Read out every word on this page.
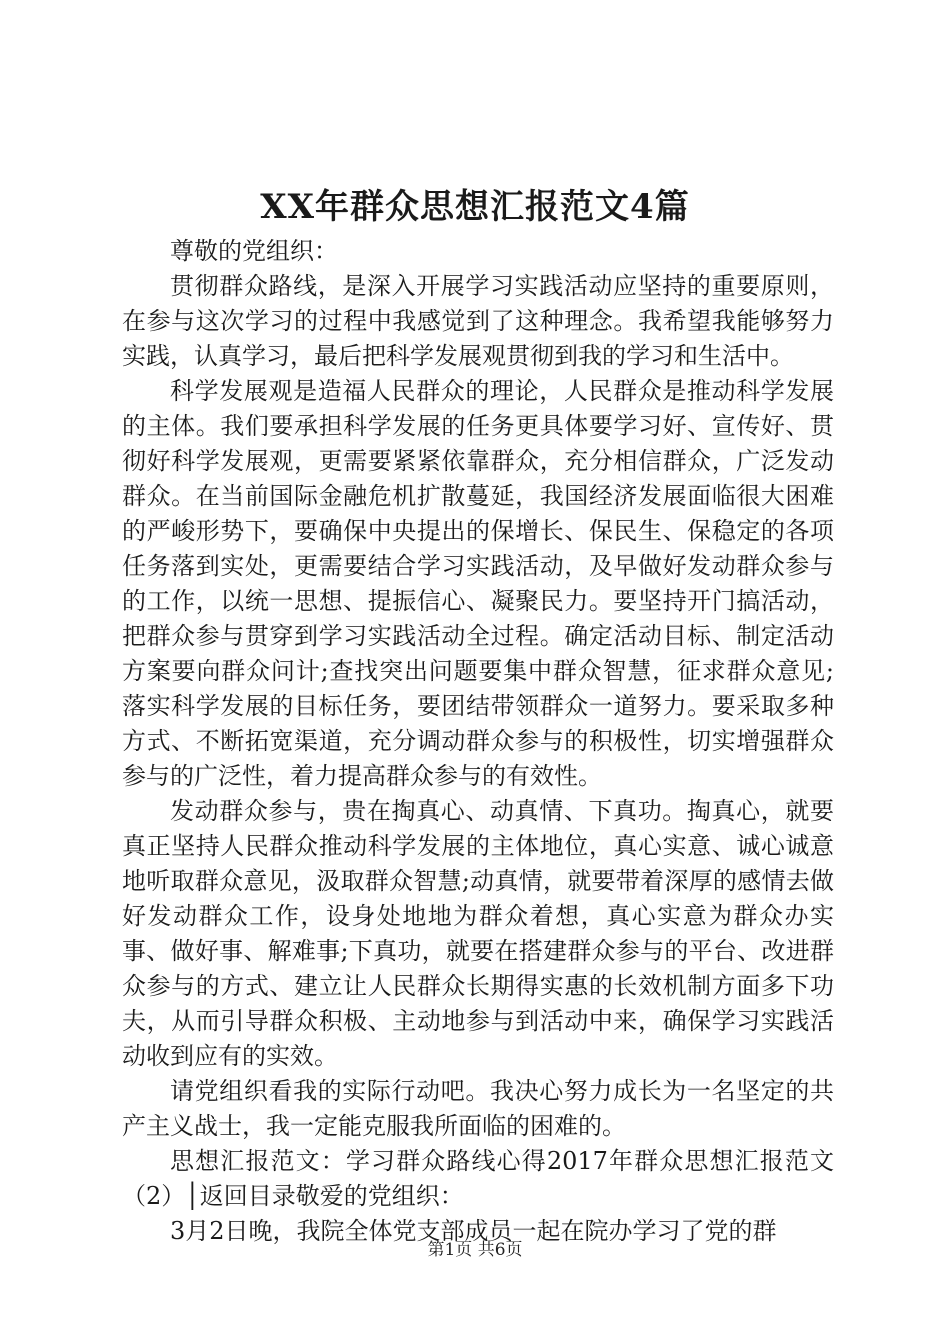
XX年群众思想汇报范文4篇

尊敬的党组织：

贯彻群众路线，是深入开展学习实践活动应坚持的重要原则，在参与这次学习的过程中我感觉到了这种理念。我希望我能够努力实践，认真学习，最后把科学发展观贯彻到我的学习和生活中。

科学发展观是造福人民群众的理论，人民群众是推动科学发展的主体。我们要承担科学发展的任务更具体要学习好、宣传好、贯彻好科学发展观，更需要紧紧依靠群众，充分相信群众，广泛发动群众。在当前国际金融危机扩散蔓延，我国经济发展面临很大困难的严峻形势下，要确保中央提出的保增长、保民生、保稳定的各项任务落到实处，更需要结合学习实践活动，及早做好发动群众参与的工作，以统一思想、提振信心、凝聚民力。要坚持开门搞活动，把群众参与贯穿到学习实践活动全过程。确定活动目标、制定活动方案要向群众问计;查找突出问题要集中群众智慧，征求群众意见;落实科学发展的目标任务，要团结带领群众一道努力。要采取多种方式、不断拓宽渠道，充分调动群众参与的积极性，切实增强群众参与的广泛性，着力提高群众参与的有效性。

发动群众参与，贵在掏真心、动真情、下真功。掏真心，就要真正坚持人民群众推动科学发展的主体地位，真心实意、诚心诚意地听取群众意见，汲取群众智慧;动真情，就要带着深厚的感情去做好发动群众工作，设身处地地为群众着想，真心实意为群众办实事、做好事、解难事;下真功，就要在搭建群众参与的平台、改进群众参与的方式、建立让人民群众长期得实惠的长效机制方面多下功夫，从而引导群众积极、主动地参与到活动中来，确保学习实践活动收到应有的实效。

请党组织看我的实际行动吧。我决心努力成长为一名坚定的共产主义战士，我一定能克服我所面临的困难的。

思想汇报范文：学习群众路线心得2017年群众思想汇报范文（2）│返回目录敬爱的党组织：

3月2日晚，我院全体党支部成员一起在院办学习了党的群

第1页 共6页
